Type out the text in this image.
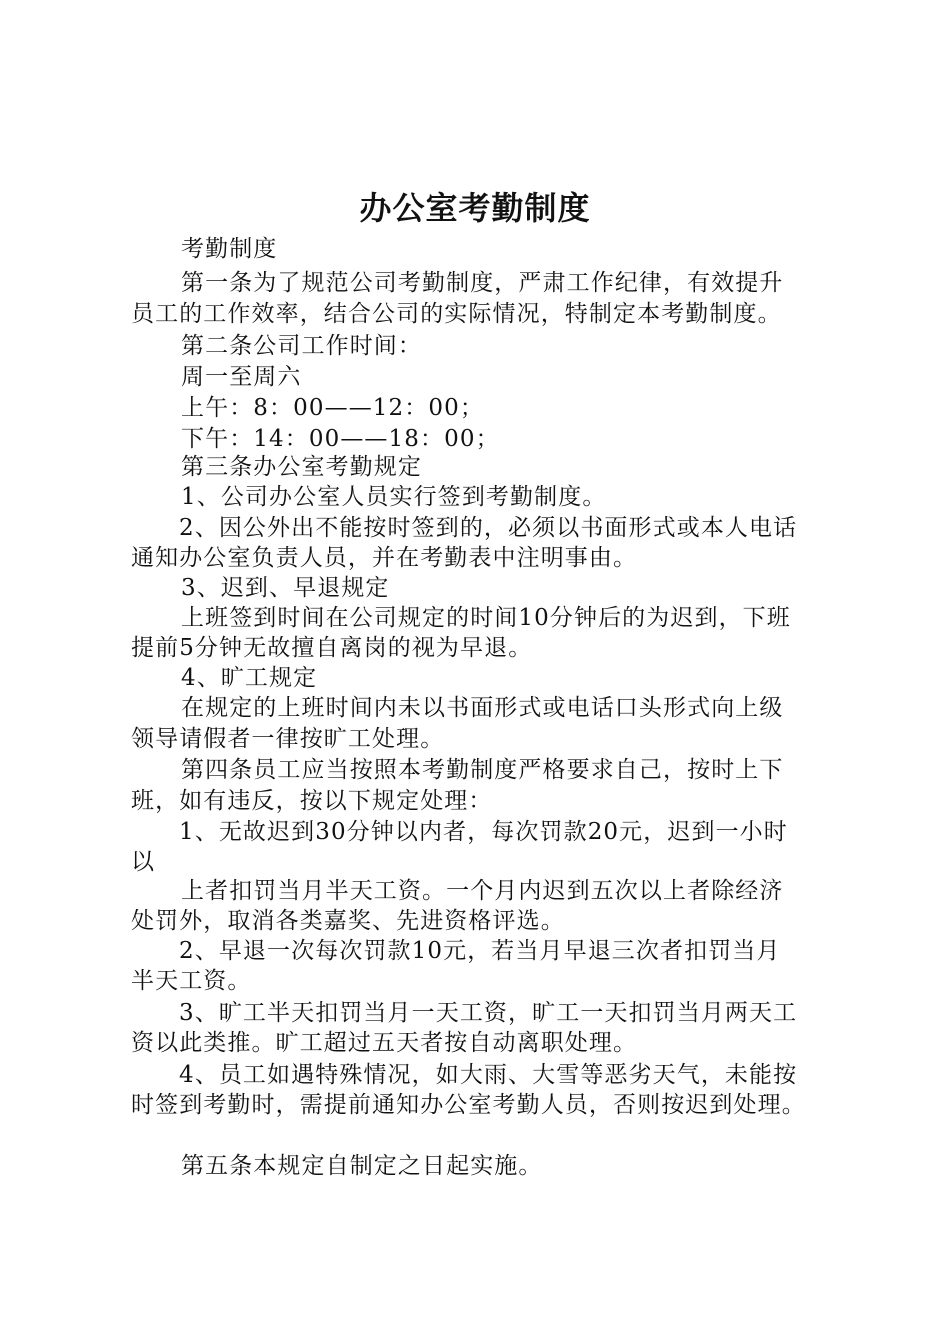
办公室考勤制度
考勤制度
第一条为了规范公司考勤制度，严肃工作纪律，有效提升
员工的工作效率，结合公司的实际情况，特制定本考勤制度。
第二条公司工作时间：
周一至周六
上午：8：00——12：00；
下午：14：00——18：00；
第三条办公室考勤规定
1、公司办公室人员实行签到考勤制度。
2、因公外出不能按时签到的，必须以书面形式或本人电话
通知办公室负责人员，并在考勤表中注明事由。
3、迟到、早退规定
上班签到时间在公司规定的时间10分钟后的为迟到，下班
提前5分钟无故擅自离岗的视为早退。
4、旷工规定
在规定的上班时间内未以书面形式或电话口头形式向上级
领导请假者一律按旷工处理。
第四条员工应当按照本考勤制度严格要求自己，按时上下
班，如有违反，按以下规定处理：
1、无故迟到30分钟以内者，每次罚款20元，迟到一小时
以
上者扣罚当月半天工资。一个月内迟到五次以上者除经济
处罚外，取消各类嘉奖、先进资格评选。
2、早退一次每次罚款10元，若当月早退三次者扣罚当月
半天工资。
3、旷工半天扣罚当月一天工资，旷工一天扣罚当月两天工
资以此类推。旷工超过五天者按自动离职处理。
4、员工如遇特殊情况，如大雨、大雪等恶劣天气，未能按
时签到考勤时，需提前通知办公室考勤人员，否则按迟到处理。
第五条本规定自制定之日起实施。
